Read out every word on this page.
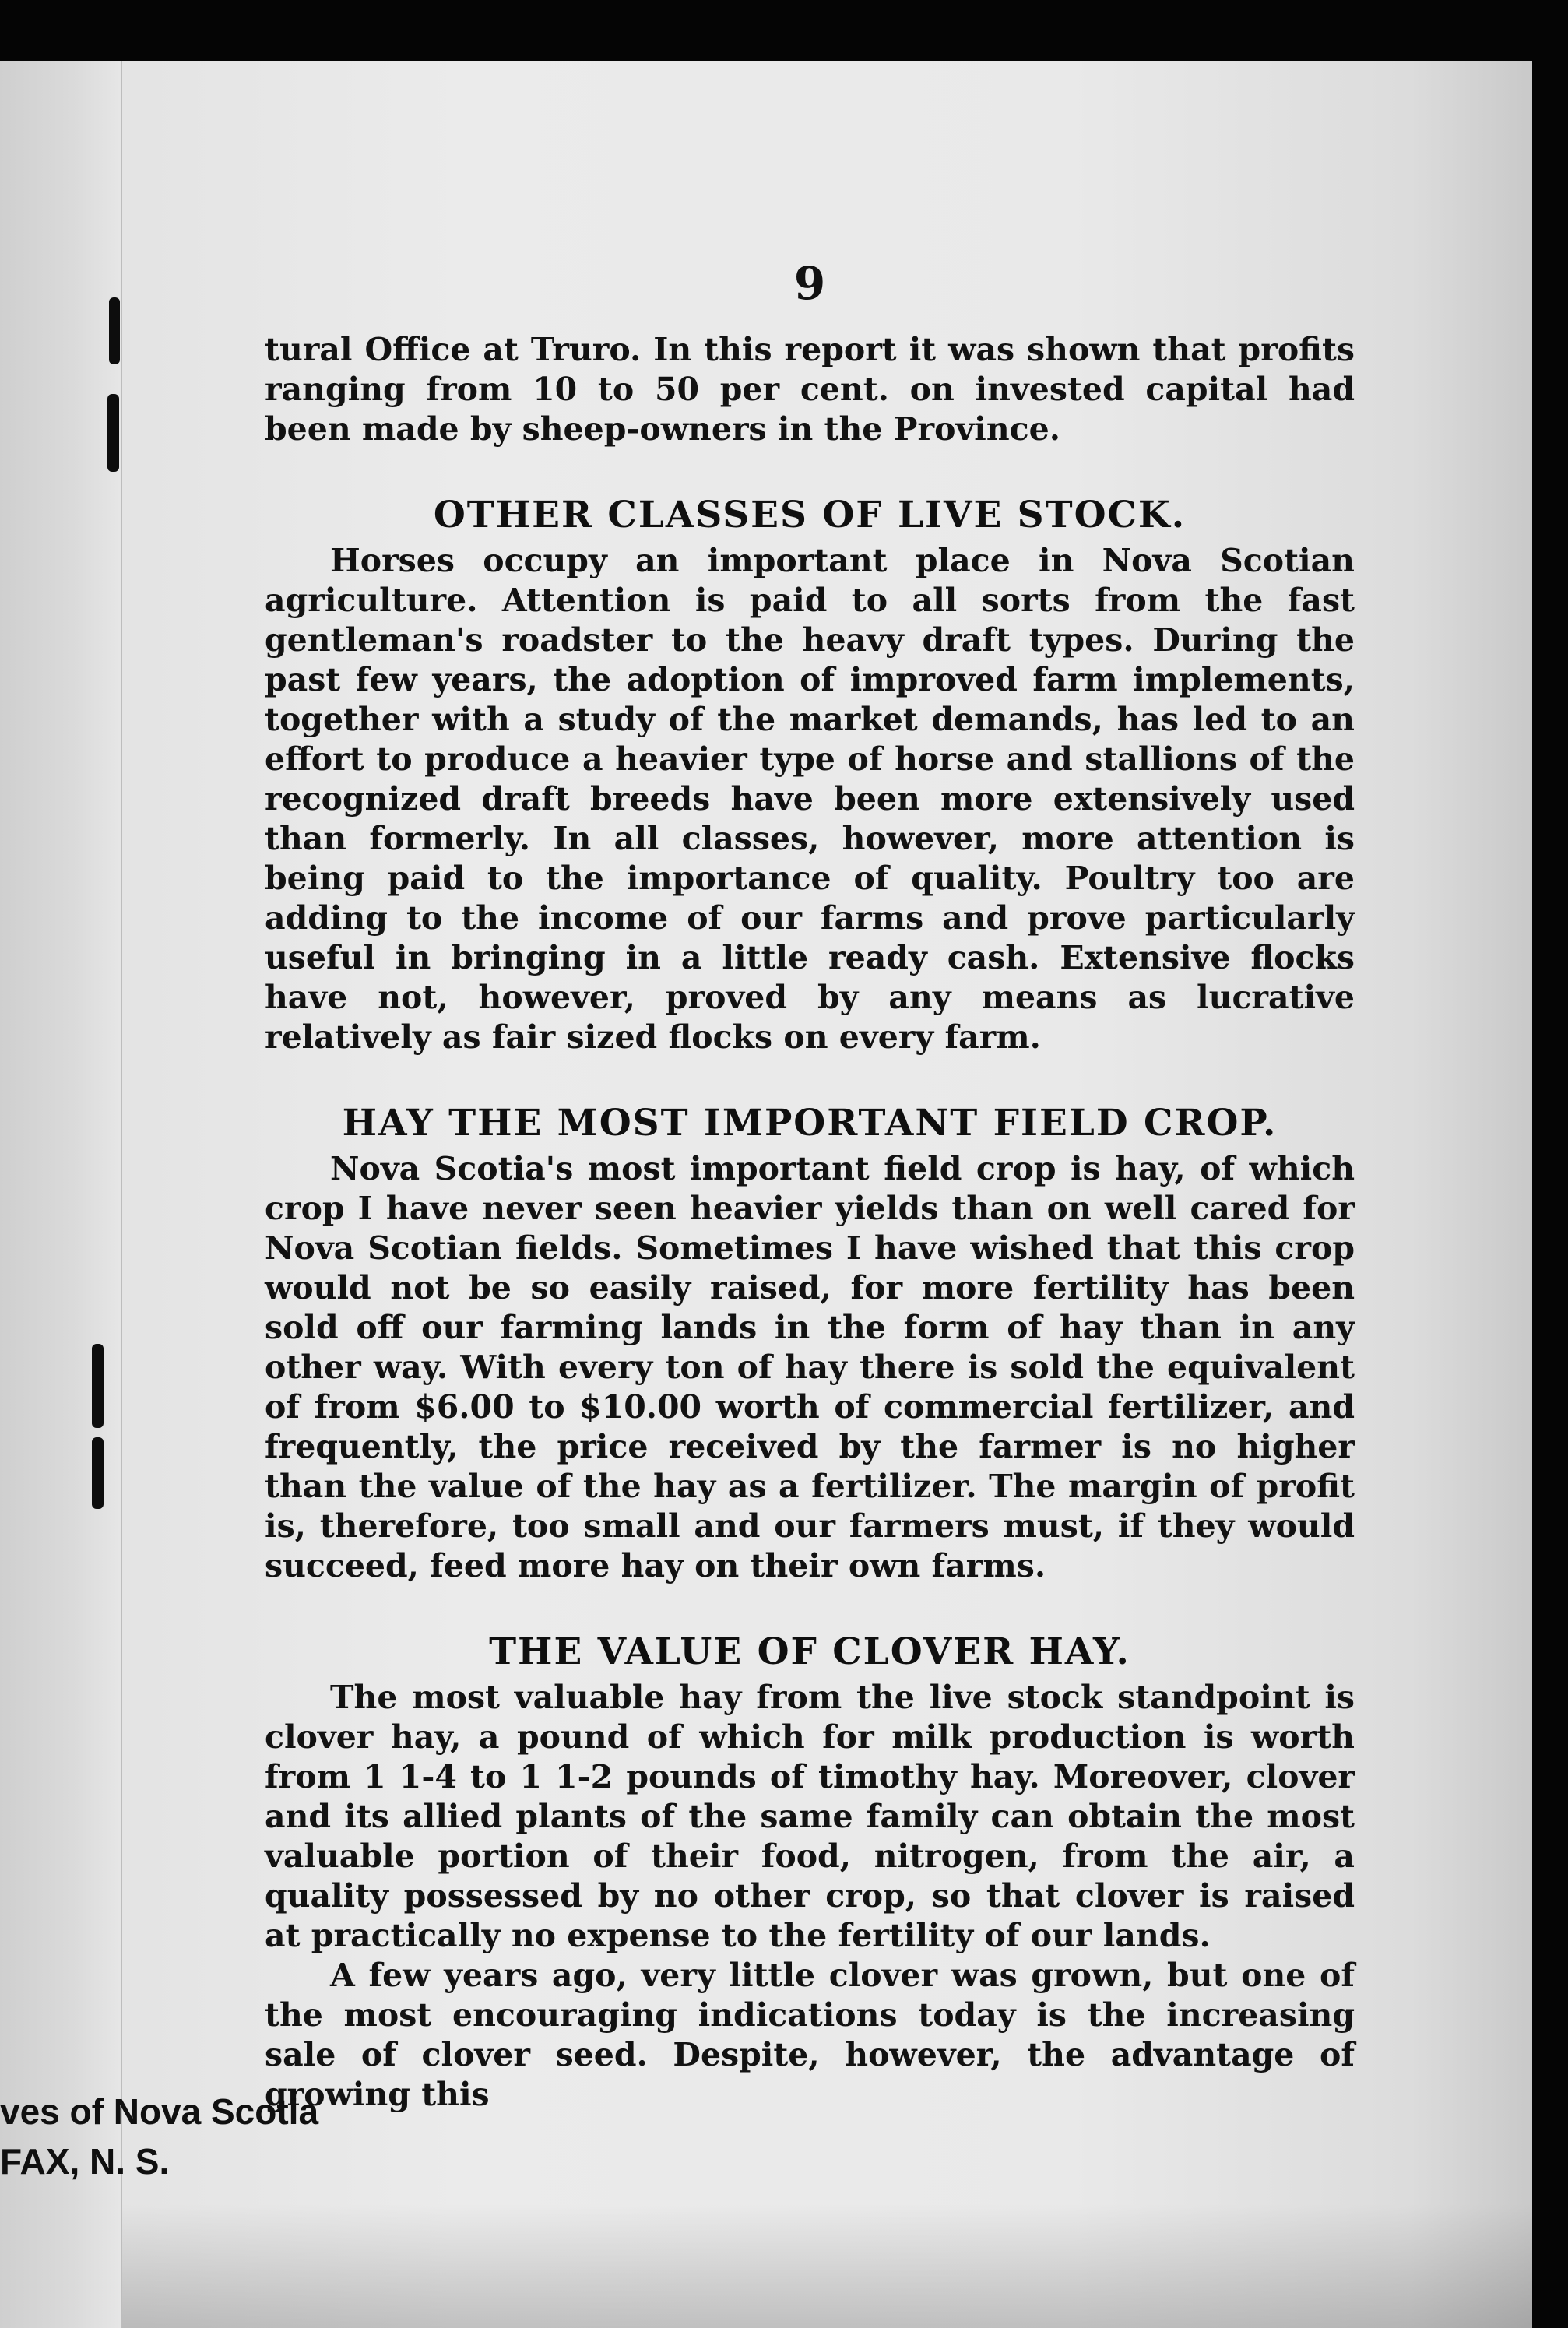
9

tural Office at Truro. In this report it was shown that profits ranging from 10 to 50 per cent. on invested capital had been made by sheep-owners in the Province.

OTHER CLASSES OF LIVE STOCK.

Horses occupy an important place in Nova Scotian agriculture. Attention is paid to all sorts from the fast gentleman's roadster to the heavy draft types. During the past few years, the adoption of improved farm implements, together with a study of the market demands, has led to an effort to produce a heavier type of horse and stallions of the recognized draft breeds have been more extensively used than formerly. In all classes, however, more attention is being paid to the importance of quality. Poultry too are adding to the income of our farms and prove particularly useful in bringing in a little ready cash. Extensive flocks have not, however, proved by any means as lucrative relatively as fair sized flocks on every farm.

HAY THE MOST IMPORTANT FIELD CROP.

Nova Scotia's most important field crop is hay, of which crop I have never seen heavier yields than on well cared for Nova Scotian fields. Sometimes I have wished that this crop would not be so easily raised, for more fertility has been sold off our farming lands in the form of hay than in any other way. With every ton of hay there is sold the equivalent of from $6.00 to $10.00 worth of commercial fertilizer, and frequently, the price received by the farmer is no higher than the value of the hay as a fertilizer. The margin of profit is, therefore, too small and our farmers must, if they would succeed, feed more hay on their own farms.

THE VALUE OF CLOVER HAY.

The most valuable hay from the live stock standpoint is clover hay, a pound of which for milk production is worth from 1 1-4 to 1 1-2 pounds of timothy hay. Moreover, clover and its allied plants of the same family can obtain the most valuable portion of their food, nitrogen, from the air, a quality possessed by no other crop, so that clover is raised at practically no expense to the fertility of our lands.

A few years ago, very little clover was grown, but one of the most encouraging indications today is the increasing sale of clover seed. Despite, however, the advantage of growing this

ves of Nova Scotia
FAX, N. S.
